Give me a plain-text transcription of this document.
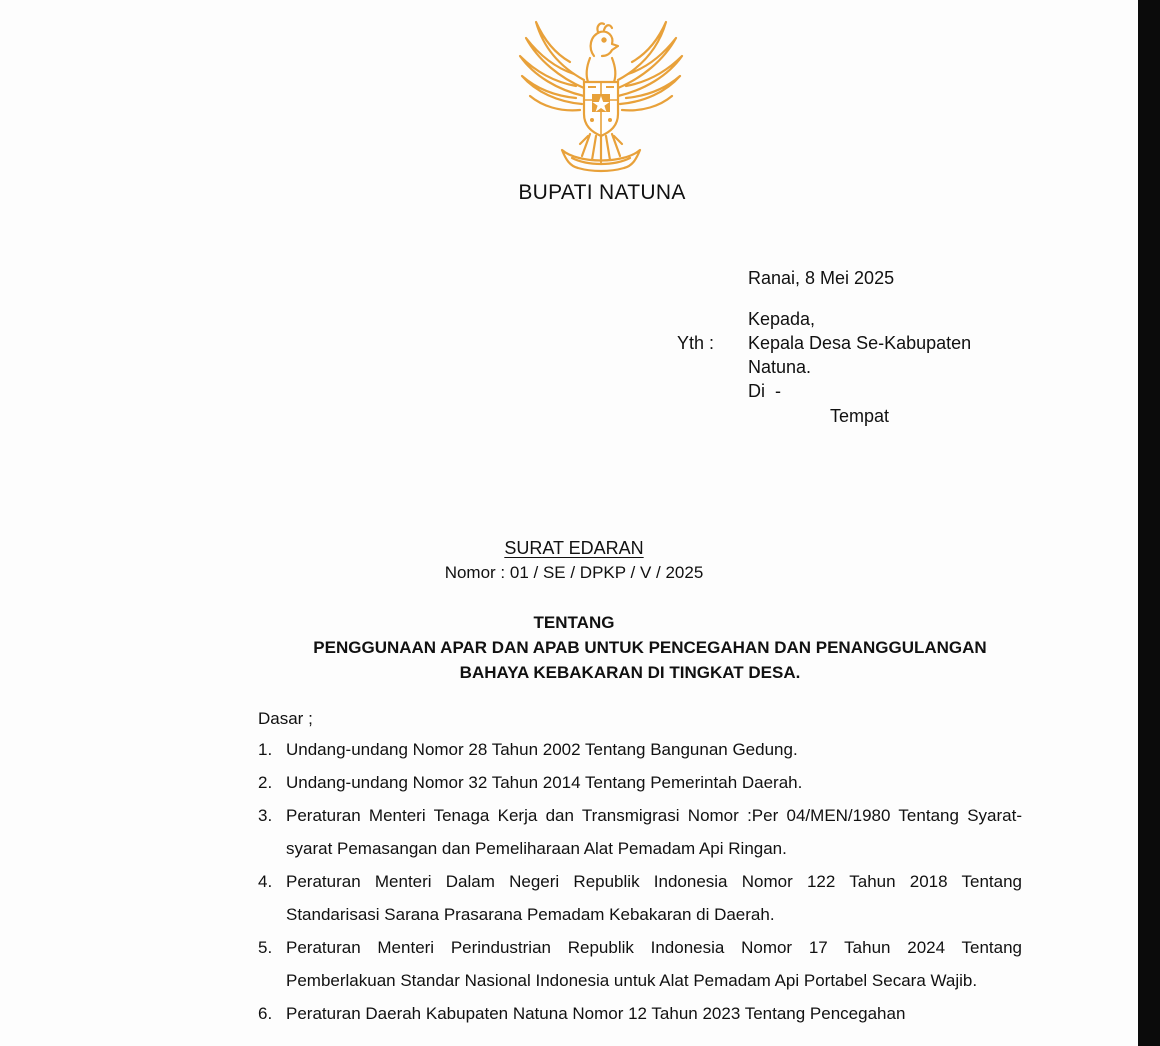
BUPATI NATUNA
Ranai, 8 Mei 2025
Kepada,
Yth : Kepala Desa Se-Kabupaten
Natuna.
Di  -
Tempat
SURAT EDARAN
Nomor : 01 / SE / DPKP / V / 2025
TENTANG
PENGGUNAAN APAR DAN APAB UNTUK PENCEGAHAN DAN PENANGGULANGAN
BAHAYA KEBAKARAN DI TINGKAT DESA.
Dasar ;
1. Undang-undang Nomor 28 Tahun 2002 Tentang Bangunan Gedung.
2. Undang-undang Nomor 32 Tahun 2014 Tentang Pemerintah Daerah.
3. Peraturan Menteri Tenaga Kerja dan Transmigrasi Nomor :Per 04/MEN/1980 Tentang Syarat-syarat Pemasangan dan Pemeliharaan Alat Pemadam Api Ringan.
4. Peraturan Menteri Dalam Negeri Republik Indonesia Nomor 122 Tahun 2018 Tentang Standarisasi Sarana Prasarana Pemadam Kebakaran di Daerah.
5. Peraturan Menteri Perindustrian Republik Indonesia Nomor 17 Tahun 2024 Tentang Pemberlakuan Standar Nasional Indonesia untuk Alat Pemadam Api Portabel Secara Wajib.
6. Peraturan Daerah Kabupaten Natuna Nomor 12 Tahun 2023 Tentang Pencegahan
